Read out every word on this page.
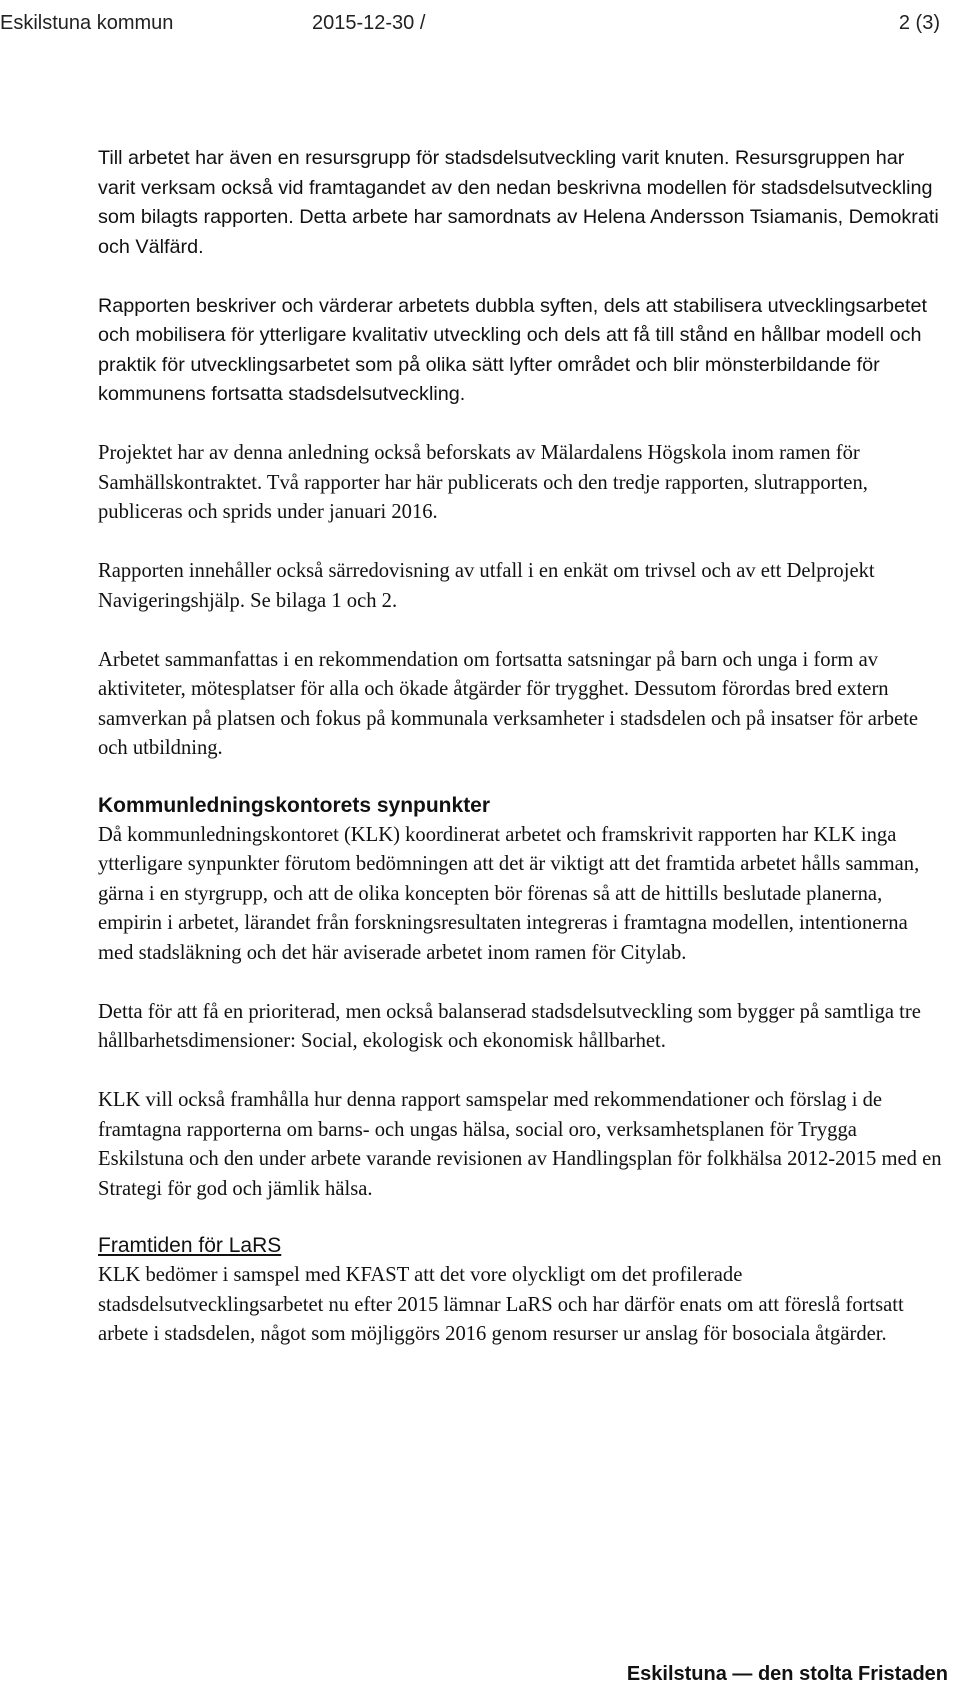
Eskilstuna kommun	2015-12-30 /	2 (3)

Till arbetet har även en resursgrupp för stadsdelsutveckling varit knuten. Resursgruppen har varit verksam också vid framtagandet av den nedan beskrivna modellen för stadsdelsutveckling som bilagts rapporten. Detta arbete har samordnats av Helena Andersson Tsiamanis, Demokrati och Välfärd.

Rapporten beskriver och värderar arbetets dubbla syften, dels att stabilisera utvecklingsarbetet och mobilisera för ytterligare kvalitativ utveckling och dels att få till stånd en hållbar modell och praktik för utvecklingsarbetet som på olika sätt lyfter området och blir mönsterbildande för kommunens fortsatta stadsdelsutveckling.

Projektet har av denna anledning också beforskats av Mälardalens Högskola inom ramen för Samhällskontraktet. Två rapporter har här publicerats och den tredje rapporten, slutrapporten, publiceras och sprids under januari 2016.

Rapporten innehåller också särredovisning av utfall i en enkät om trivsel och av ett Delprojekt Navigeringshjälp. Se bilaga 1 och 2.

Arbetet sammanfattas i en rekommendation om fortsatta satsningar på barn och unga i form av aktiviteter, mötesplatser för alla och ökade åtgärder för trygghet. Dessutom förordas bred extern samverkan på platsen och fokus på kommunala verksamheter i stadsdelen och på insatser för arbete och utbildning.

Kommunledningskontorets synpunkter

Då kommunledningskontoret (KLK) koordinerat arbetet och framskrivit rapporten har KLK inga ytterligare synpunkter förutom bedömningen att det är viktigt att det framtida arbetet hålls samman, gärna i en styrgrupp, och att de olika koncepten bör förenas så att de hittills beslutade planerna, empirin i arbetet, lärandet från forskningsresultaten integreras i framtagna modellen, intentionerna med stadsläkning och det här aviserade arbetet inom ramen för Citylab.

Detta för att få en prioriterad, men också balanserad stadsdelsutveckling som bygger på samtliga tre hållbarhetsdimensioner: Social, ekologisk och ekonomisk hållbarhet.

KLK vill också framhålla hur denna rapport samspelar med rekommendationer och förslag i de framtagna rapporterna om barns- och ungas hälsa, social oro, verksamhetsplanen för Trygga Eskilstuna och den under arbete varande revisionen av Handlingsplan för folkhälsa 2012-2015 med en Strategi för god och jämlik hälsa.

Framtiden för LaRS

KLK bedömer i samspel med KFAST att det vore olyckligt om det profilerade stadsdelsutvecklingsarbetet nu efter 2015 lämnar LaRS och har därför enats om att föreslå fortsatt arbete i stadsdelen, något som möjliggörs 2016 genom resurser ur anslag för bosociala åtgärder.

Eskilstuna — den stolta Fristaden
